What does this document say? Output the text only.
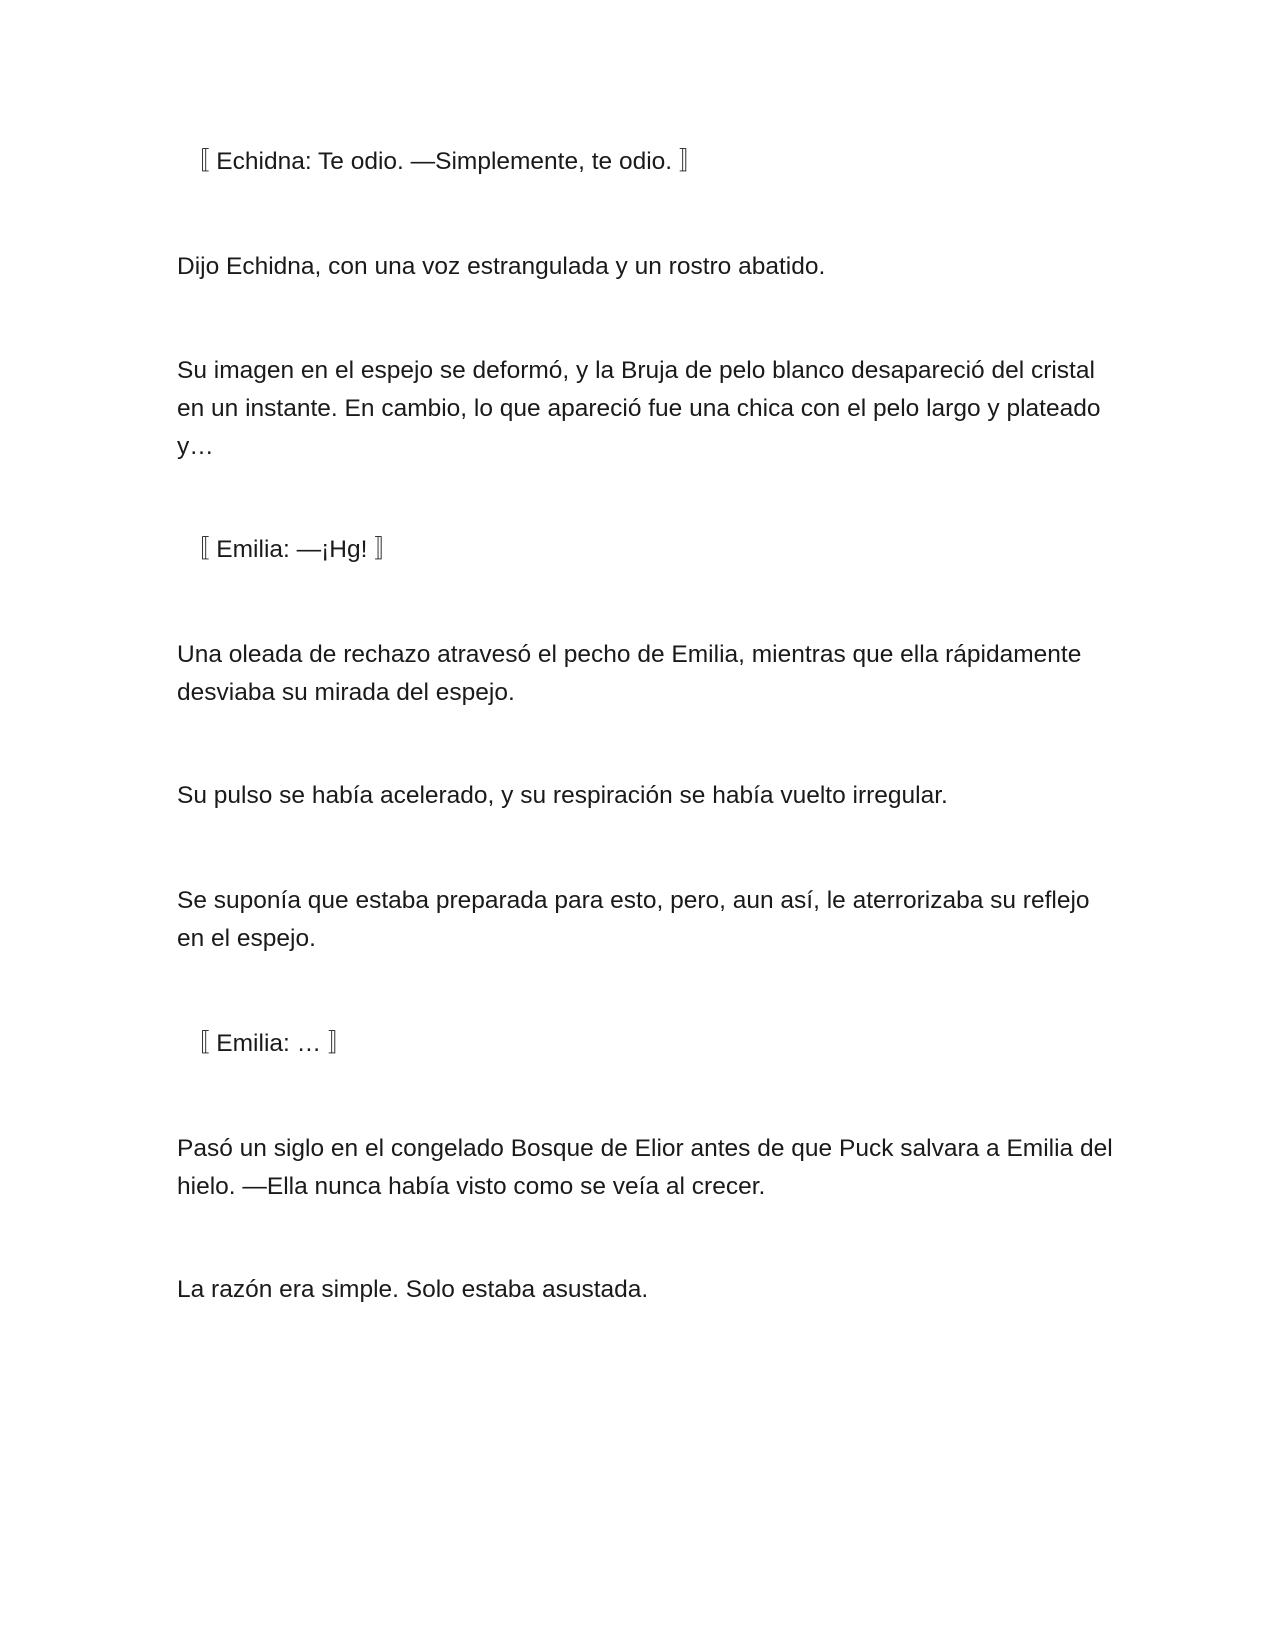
〚 Echidna: Te odio. —Simplemente, te odio. 〛

Dijo Echidna, con una voz estrangulada y un rostro abatido.

Su imagen en el espejo se deformó, y la Bruja de pelo blanco desapareció del cristal en un instante. En cambio, lo que apareció fue una chica con el pelo largo y plateado y…

〚 Emilia: —¡Hg! 〛

Una oleada de rechazo atravesó el pecho de Emilia, mientras que ella rápidamente desviaba su mirada del espejo.

Su pulso se había acelerado, y su respiración se había vuelto irregular.

Se suponía que estaba preparada para esto, pero, aun así, le aterrorizaba su reflejo en el espejo.

〚 Emilia: … 〛

Pasó un siglo en el congelado Bosque de Elior antes de que Puck salvara a Emilia del hielo. —Ella nunca había visto como se veía al crecer.

La razón era simple. Solo estaba asustada.
